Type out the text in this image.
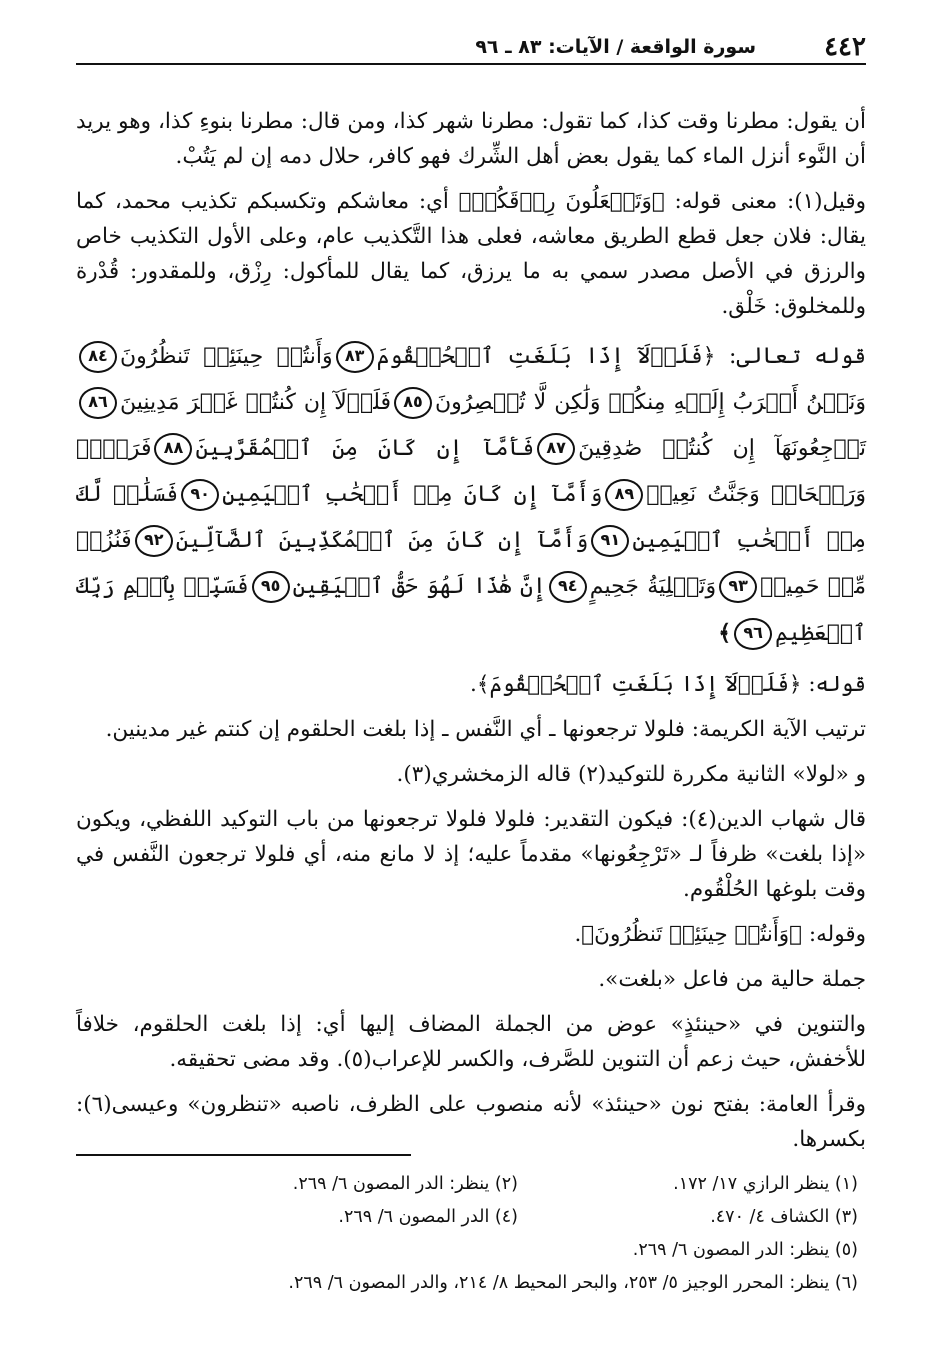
٤٤٢
سورة الواقعة / الآيات: ٨٣ ـ ٩٦

أن يقول: مطرنا وقت كذا، كما تقول: مطرنا شهر كذا، ومن قال: مطرنا بنوءِ كذا، وهو يريد أن النَّوء أنزل الماء كما يقول بعض أهل الشِّرك فهو كافر، حلال دمه إن لم يَتُبْ.

وقيل(١): معنى قوله: ﴿وَتَجۡعَلُونَ رِزۡقَكُمۡ﴾ أي: معاشكم وتكسبكم تكذيب محمد، كما يقال: فلان جعل قطع الطريق معاشه، فعلى هذا التَّكذيب عام، وعلى الأول التكذيب خاص والرزق في الأصل مصدر سمي به ما يرزق، كما يقال للمأكول: رِزْق، وللمقدور: قُدْرة وللمخلوق: خَلْق.

قوله تعالى: ﴿فَلَوۡلَآ إِذَا بَلَغَتِ ٱلۡحُلۡقُومَ٨٣وَأَنتُمۡ حِينَئِذٖ تَنظُرُونَ٨٤وَنَحۡنُ أَقۡرَبُ إِلَيۡهِ مِنكُمۡ وَلَٰكِن لَّا تُبۡصِرُونَ٨٥فَلَوۡلَآ إِن كُنتُمۡ غَيۡرَ مَدِينِينَ٨٦تَرۡجِعُونَهَآ إِن كُنتُمۡ صَٰدِقِينَ٨٧فَأَمَّآ إِن كَانَ مِنَ ٱلۡمُقَرَّبِينَ٨٨فَرَوۡحٞ وَرَيۡحَانٞ وَجَنَّتُ نَعِيمٖ٨٩وَأَمَّآ إِن كَانَ مِنۡ أَصۡحَٰبِ ٱلۡيَمِينِ٩٠فَسَلَٰمٞ لَّكَ مِنۡ أَصۡحَٰبِ ٱلۡيَمِينِ٩١وَأَمَّآ إِن كَانَ مِنَ ٱلۡمُكَذِّبِينَ ٱلضَّآلِّينَ٩٢فَنُزُلٞ مِّنۡ حَمِيمٖ٩٣وَتَصۡلِيَةُ جَحِيمٍ٩٤إِنَّ هَٰذَا لَهُوَ حَقُّ ٱلۡيَقِينِ٩٥فَسَبِّحۡ بِٱسۡمِ رَبِّكَ ٱلۡعَظِيمِ٩٦﴾

قوله: ﴿فَلَوۡلَآ إِذَا بَلَغَتِ ٱلۡحُلۡقُومَ﴾.

ترتيب الآية الكريمة: فلولا ترجعونها ـ أي النَّفس ـ إذا بلغت الحلقوم إن كنتم غير مدينين.

و «لولا» الثانية مكررة للتوكيد(٢) قاله الزمخشري(٣).

قال شهاب الدين(٤): فيكون التقدير: فلولا فلولا ترجعونها من باب التوكيد اللفظي، ويكون «إذا بلغت» ظرفاً لـ «تَرْجِعُونها» مقدماً عليه؛ إذ لا مانع منه، أي فلولا ترجعون النَّفس في وقت بلوغها الحُلْقُوم.

وقوله: ﴿وَأَنتُمۡ حِينَئِذٖ تَنظُرُونَ﴾.

جملة حالية من فاعل «بلغت».

والتنوين في «حينئذٍ» عوض من الجملة المضاف إليها أي: إذا بلغت الحلقوم، خلافاً للأخفش، حيث زعم أن التنوين للصَّرف، والكسر للإعراب(٥). وقد مضى تحقيقه.

وقرأ العامة: بفتح نون «حينئذ» لأنه منصوب على الظرف، ناصبه «تنظرون» وعيسى(٦): بكسرها.

(١) ينظر الرازي ١٧/ ١٧٢.
(٢) ينظر: الدر المصون ٦/ ٢٦٩.
(٣) الكشاف ٤/ ٤٧٠.
(٤) الدر المصون ٦/ ٢٦٩.
(٥) ينظر: الدر المصون ٦/ ٢٦٩.
(٦) ينظر: المحرر الوجيز ٥/ ٢٥٣، والبحر المحيط ٨/ ٢١٤، والدر المصون ٦/ ٢٦٩.
